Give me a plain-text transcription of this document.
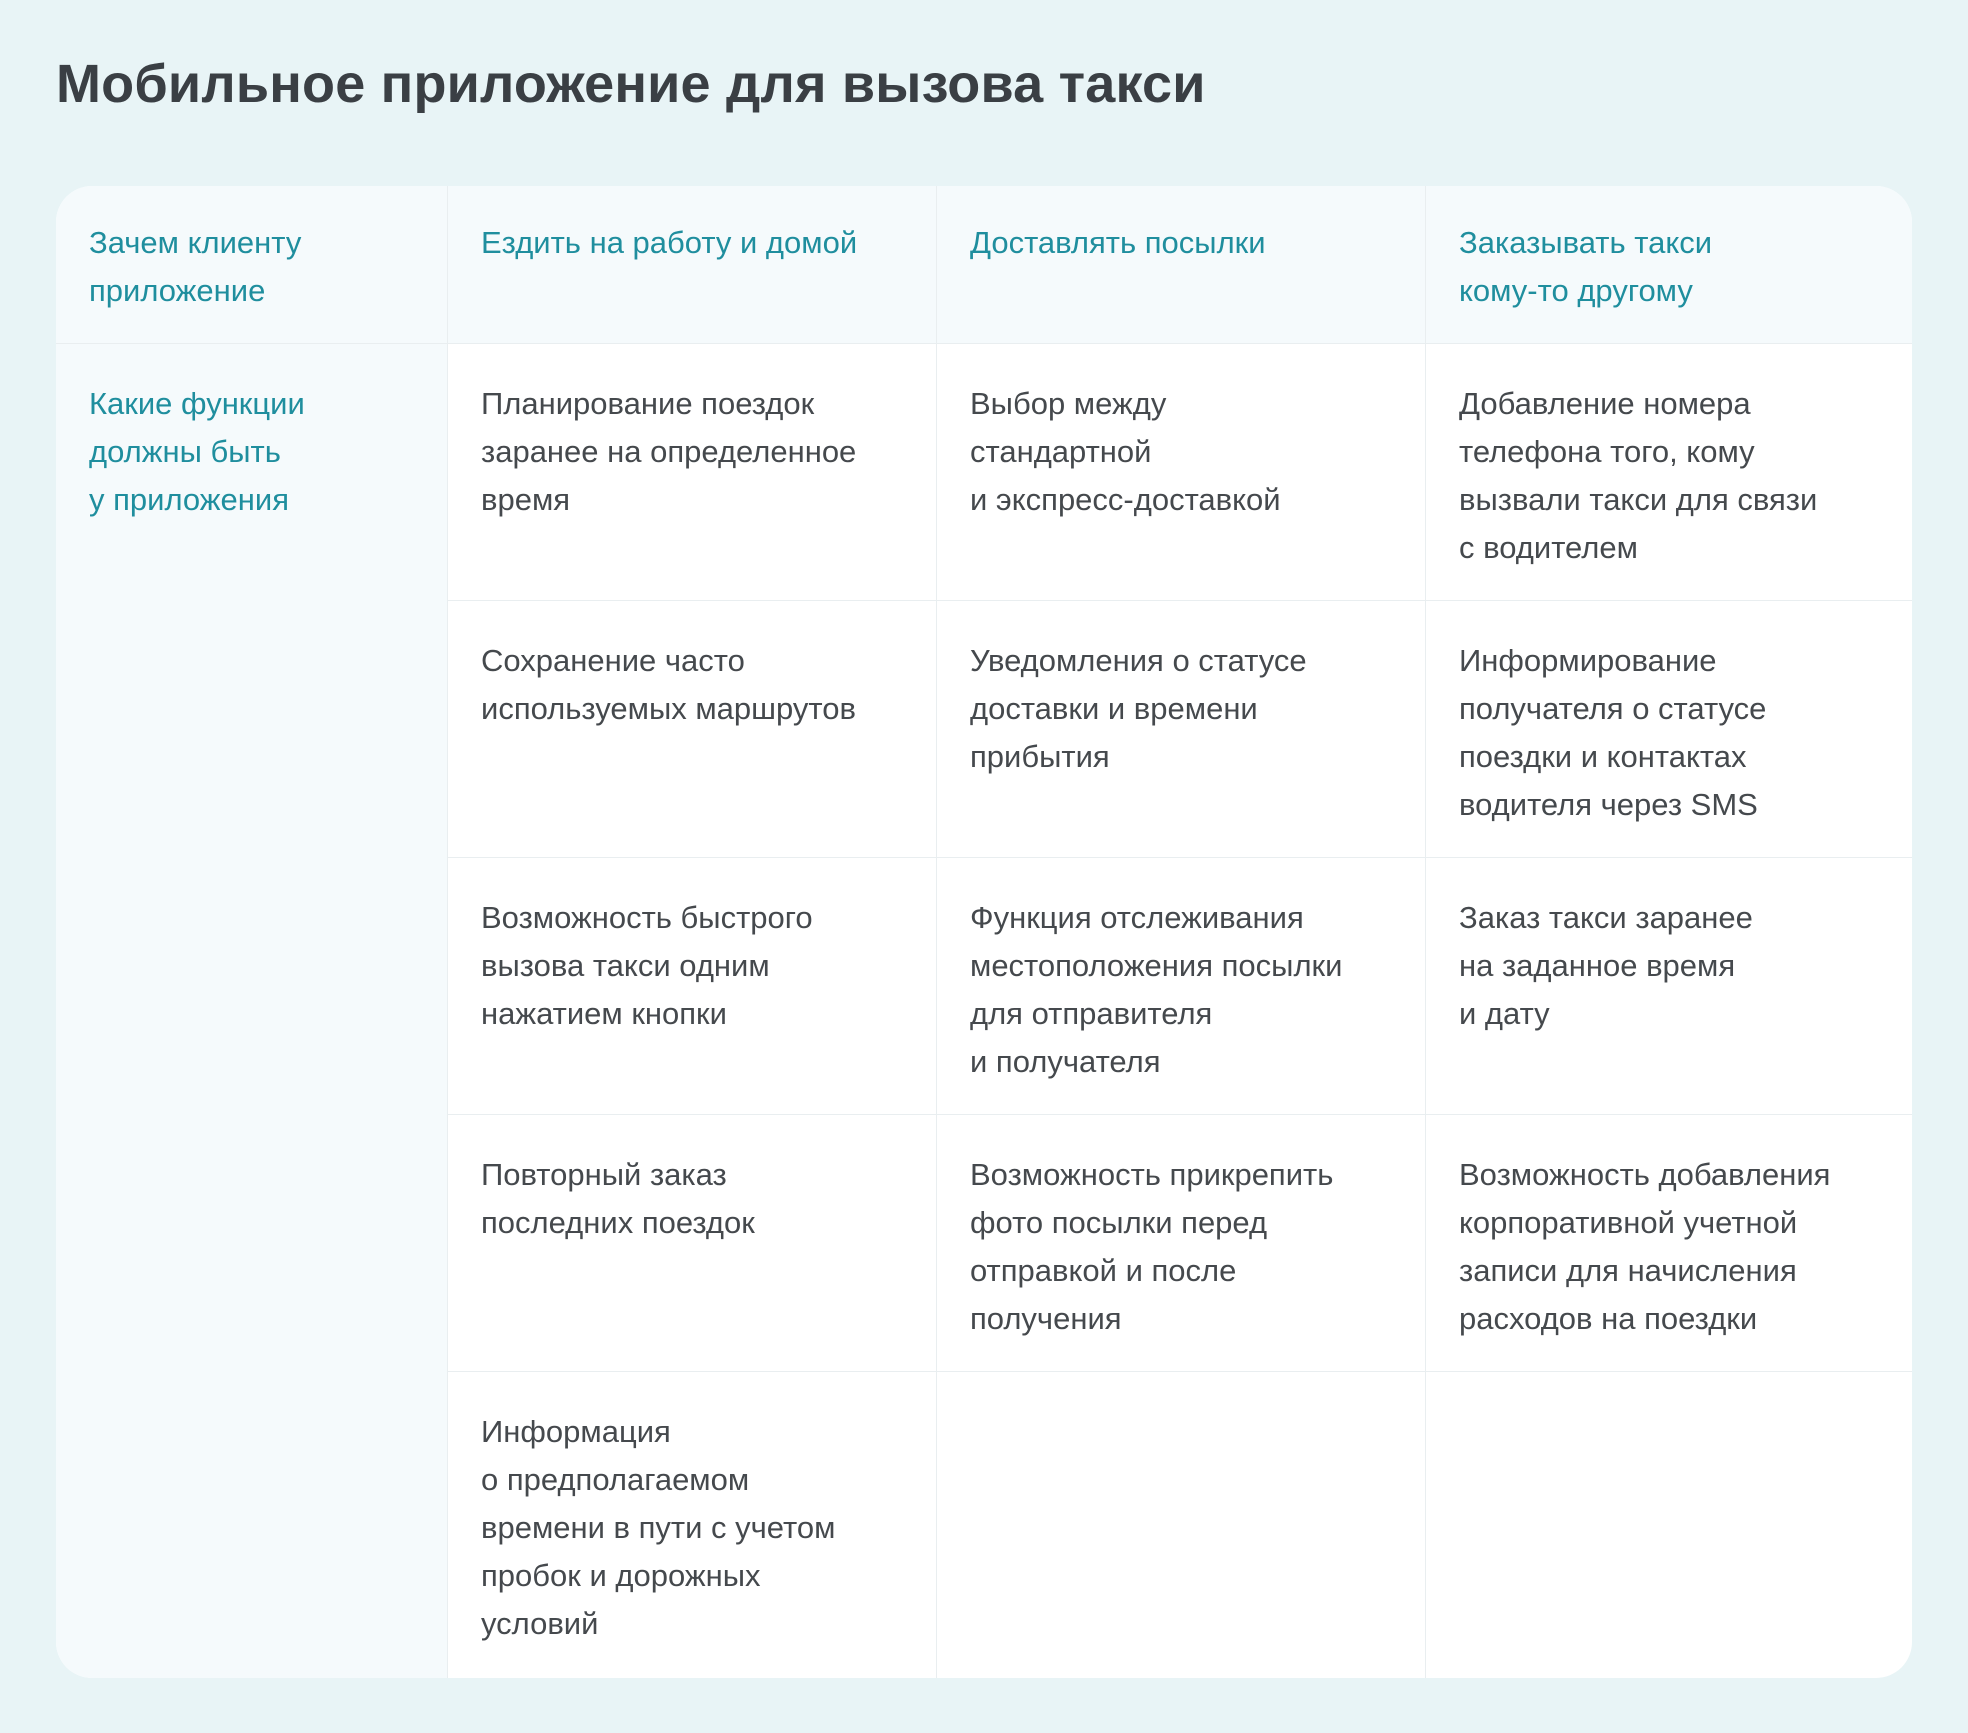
Мобильное приложение для вызова такси
Зачем клиенту
приложение
Ездить на работу и домой	Доставлять посылки	Заказывать такси
кому-то другому
Какие функции
должны быть
у приложения
Планирование поездок
заранее на определенное
время
Выбор между
стандартной
и экспресс-доставкой
Добавление номера
телефона того, кому
вызвали такси для связи
с водителем
Сохранение часто
используемых маршрутов
Уведомления о статусе
доставки и времени
прибытия
Информирование
получателя о статусе
поездки и контактах
водителя через SMS
Возможность быстрого
вызова такси одним
нажатием кнопки
Функция отслеживания
местоположения посылки
для отправителя
и получателя
Заказ такси заранее
на заданное время
и дату
Повторный заказ
последних поездок
Возможность прикрепить
фото посылки перед
отправкой и после
получения
Возможность добавления
корпоративной учетной
записи для начисления
расходов на поездки
Информация
о предполагаемом
времени в пути с учетом
пробок и дорожных
условий
